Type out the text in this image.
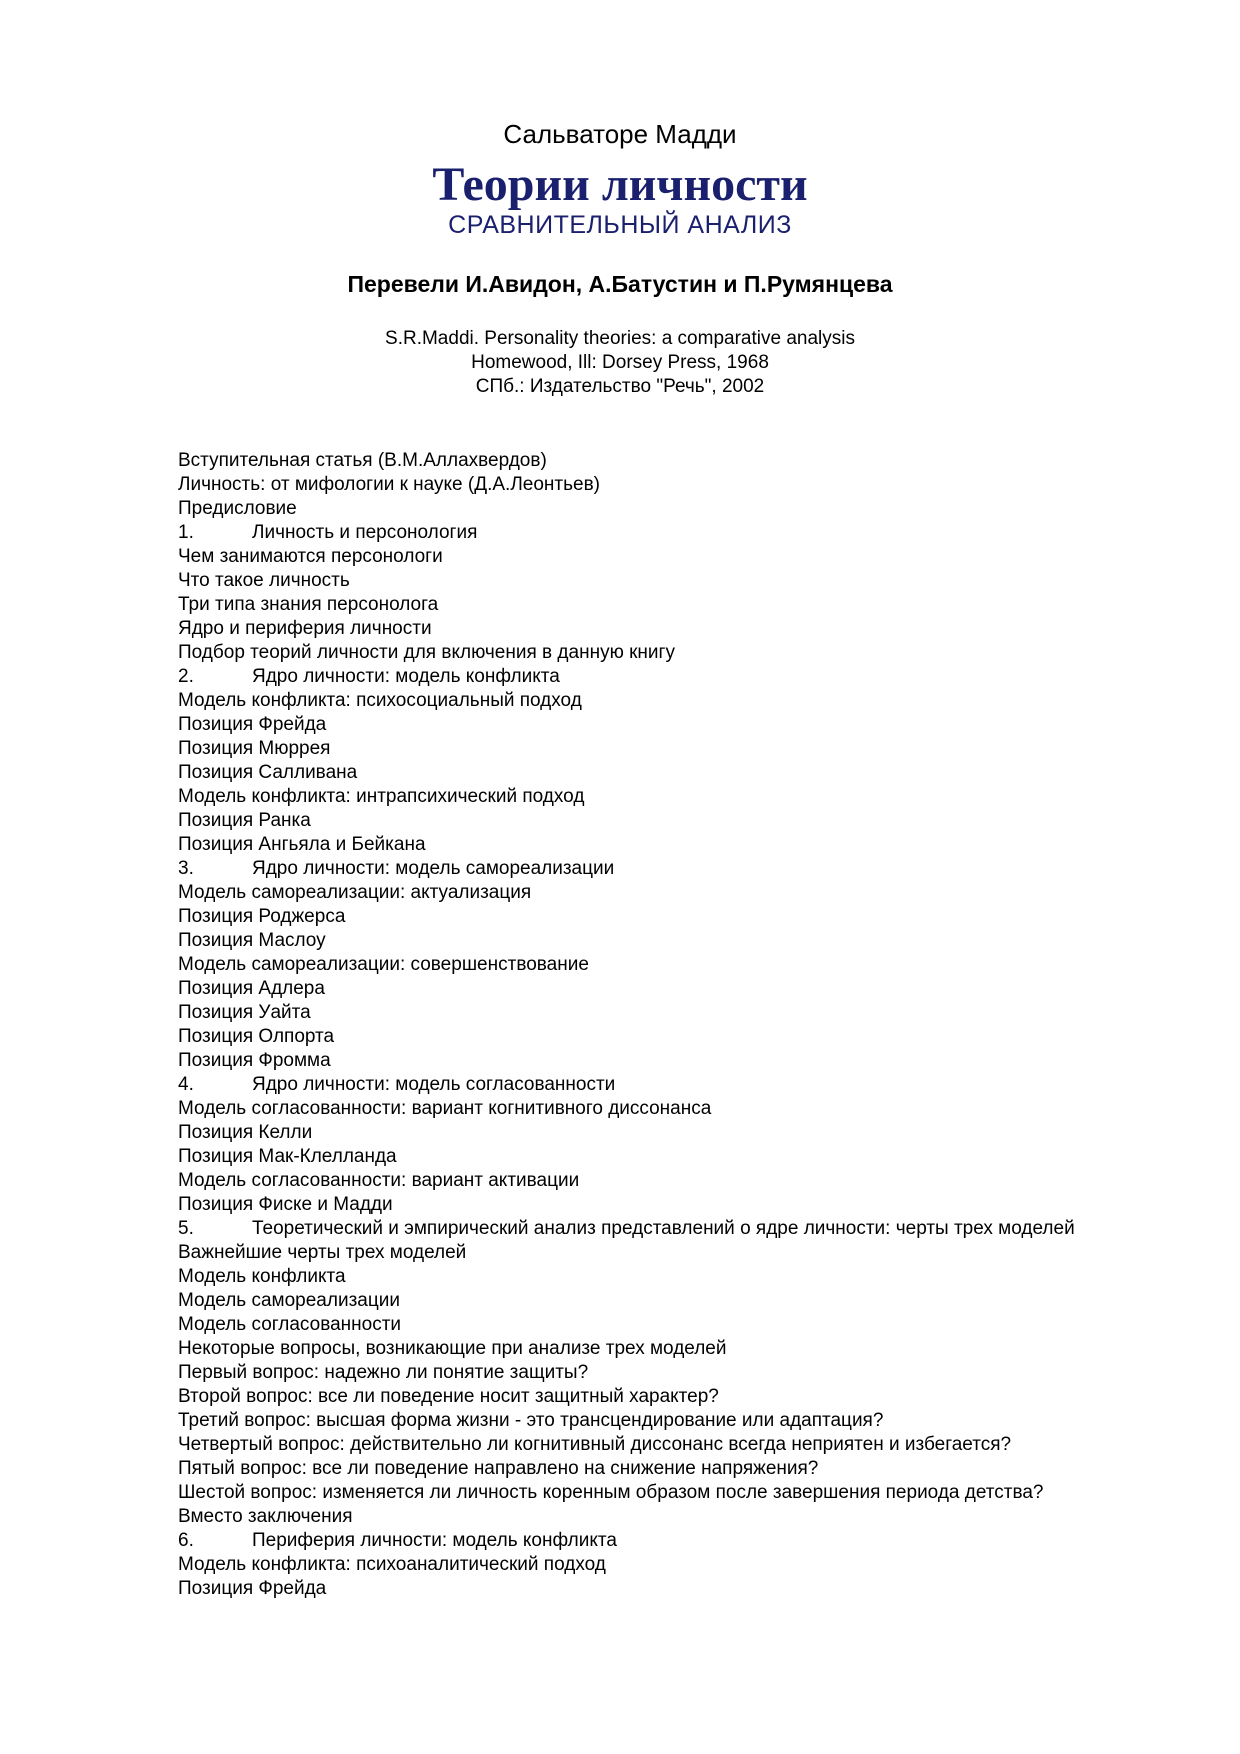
Сальваторе Мадди
Теории личности
СРАВНИТЕЛЬНЫЙ АНАЛИЗ
Перевели И.Авидон, А.Батустин и П.Румянцева
S.R.Maddi. Personality theories: a comparative analysis
Homewood, Ill: Dorsey Press, 1968
СПб.: Издательство "Речь", 2002
Вступительная статья (В.М.Аллахвердов)
Личность: от мифологии к науке (Д.А.Леонтьев)
Предисловие
1.	Личность и персонология
Чем занимаются персонологи
Что такое личность
Три типа знания персонолога
Ядро и периферия личности
Подбор теорий личности для включения в данную книгу
2.	Ядро личности: модель конфликта
Модель конфликта: психосоциальный подход
Позиция Фрейда
Позиция Мюррея
Позиция Салливана
Модель конфликта: интрапсихический подход
Позиция Ранка
Позиция Ангьяла и Бейкана
3.	Ядро личности: модель самореализации
Модель самореализации: актуализация
Позиция Роджерса
Позиция Маслоу
Модель самореализации: совершенствование
Позиция Адлера
Позиция Уайта
Позиция Олпорта
Позиция Фромма
4.	Ядро личности: модель согласованности
Модель согласованности: вариант когнитивного диссонанса
Позиция Келли
Позиция Мак-Клелланда
Модель согласованности: вариант активации
Позиция Фиске и Мадди
5.	Теоретический и эмпирический анализ представлений о ядре личности: черты трех моделей
Важнейшие черты трех моделей
Модель конфликта
Модель самореализации
Модель согласованности
Некоторые вопросы, возникающие при анализе трех моделей
Первый вопрос: надежно ли понятие защиты?
Второй вопрос: все ли поведение носит защитный характер?
Третий вопрос: высшая форма жизни - это трансцендирование или адаптация?
Четвертый вопрос: действительно ли когнитивный диссонанс всегда неприятен и избегается?
Пятый вопрос: все ли поведение направлено на снижение напряжения?
Шестой вопрос: изменяется ли личность коренным образом после завершения периода детства?
Вместо заключения
6.	Периферия личности: модель конфликта
Модель конфликта: психоаналитический подход
Позиция Фрейда
